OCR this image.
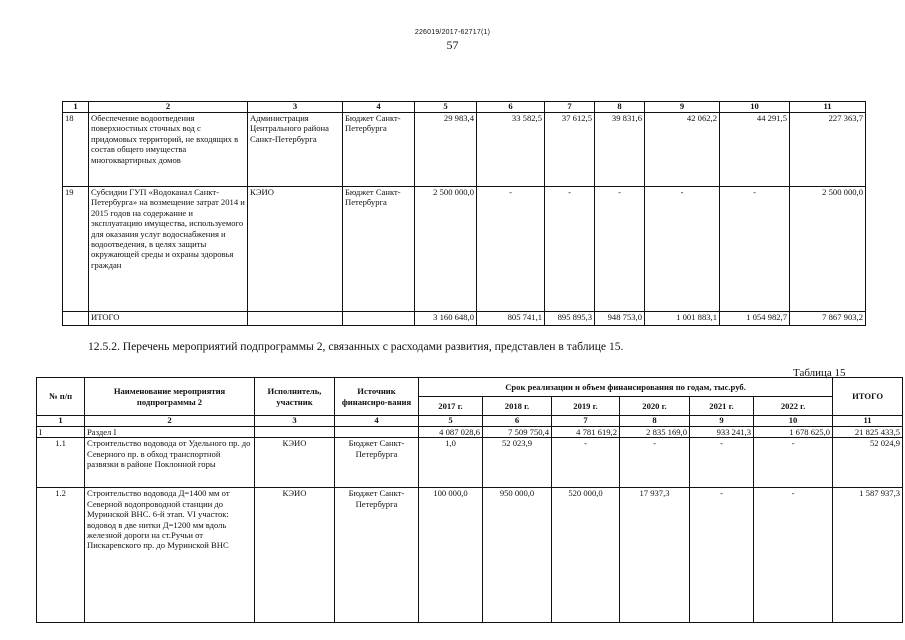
226019/2017-62717(1)
57
1	2	3	4	5	6	7	8	9	10	11
18	Обеспечение водоотведения поверхностных сточных вод с придомовых территорий, не входящих в состав общего имущества многоквартирных домов	Администрация Центрального района Санкт-Петербурга	Бюджет Санкт-Петербурга	29 983,4	33 582,5	37 612,5	39 831,6	42 062,2	44 291,5	227 363,7
19	Субсидии ГУП «Водоканал Санкт-Петербурга» на возмещение затрат 2014 и 2015 годов на содержание и эксплуатацию имущества, используемого для оказания услуг водоснабжения и водоотведения, в целях защиты окружающей среды и охраны здоровья граждан	КЭИО	Бюджет Санкт-Петербурга	2 500 000,0	-	-	-	-	-	2 500 000,0
	ИТОГО			3 160 648,0	805 741,1	895 895,3	948 753,0	1 001 883,1	1 054 982,7	7 867 903,2
12.5.2. Перечень мероприятий подпрограммы 2, связанных с расходами развития, представлен в таблице 15.
Таблица 15
№ п/п	Наименование мероприятия подпрограммы 2	Исполнитель, участник	Источник финансиро-вания	Срок реализации и объем финансирования по годам, тыс.руб.						ИТОГО
				2017 г.	2018 г.	2019 г.	2020 г.	2021 г.	2022 г.	
1	2	3	4	5	6	7	8	9	10	11
I	Раздел I			4 087 028,6	7 509 750,4	4 781 619,2	2 835 169,0	933 241,3	1 678 625,0	21 825 433,5
1.1	Строительство водовода от Удельного пр. до Северного пр. в обход транспортной развязки в районе Поклонной горы	КЭИО	Бюджет Санкт-Петербурга	1,0	52 023,9	-	-	-	-	52 024,9
1.2	Строительство водовода Д=1400 мм от Северной водопроводной станции до Муринской ВНС. 6-й этап. VI участок: водовод в две нитки Д=1200 мм вдоль железной дороги на ст.Ручьи от Пискаревского пр. до Муринской ВНС	КЭИО	Бюджет Санкт-Петербурга	100 000,0	950 000,0	520 000,0	17 937,3	-	-	1 587 937,3
